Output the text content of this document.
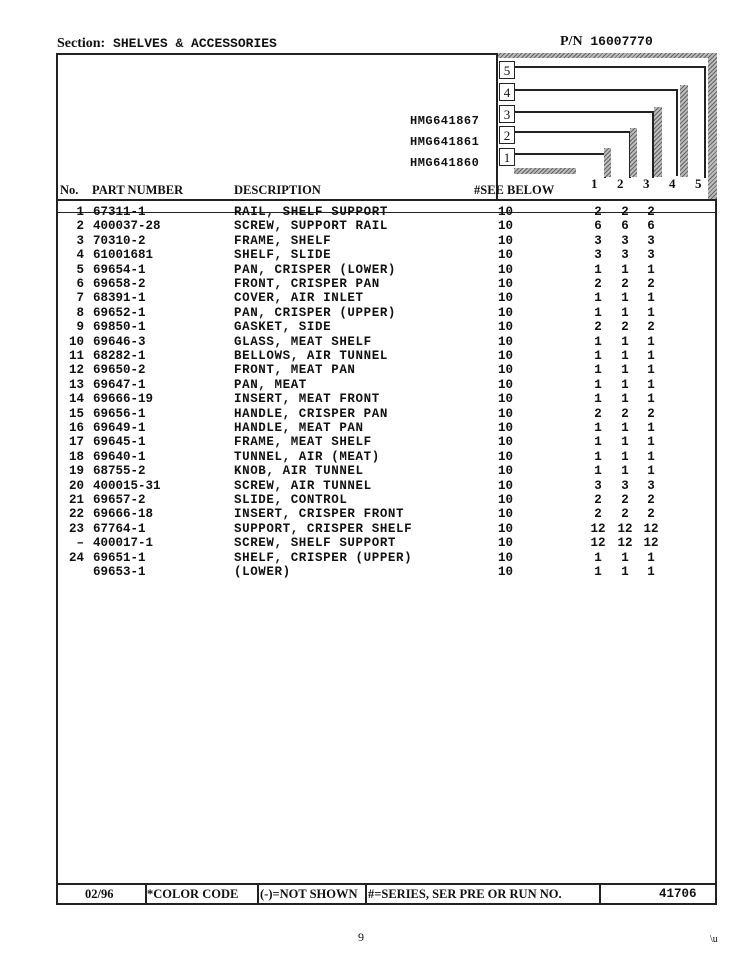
Section: SHELVES & ACCESSORIES	P/N 16007770
5
4
3
2
1
HMG641867
HMG641861
HMG641860
No. PART NUMBER	DESCRIPTION	#SEE BELOW	1 2 3 4 5
1 67311-1	RAIL, SHELF SUPPORT	10	2	2	2
2 400037-28	SCREW, SUPPORT RAIL	10	6	6	6
3 70310-2	FRAME, SHELF	10	3	3	3
4 61001681	SHELF, SLIDE	10	3	3	3
5 69654-1	PAN, CRISPER (LOWER)	10	1	1	1
6 69658-2	FRONT, CRISPER PAN	10	2	2	2
7 68391-1	COVER, AIR INLET	10	1	1	1
8 69652-1	PAN, CRISPER (UPPER)	10	1	1	1
9 69850-1	GASKET, SIDE	10	2	2	2
10 69646-3	GLASS, MEAT SHELF	10	1	1	1
11 68282-1	BELLOWS, AIR TUNNEL	10	1	1	1
12 69650-2	FRONT, MEAT PAN	10	1	1	1
13 69647-1	PAN, MEAT	10	1	1	1
14 69666-19	INSERT, MEAT FRONT	10	1	1	1
15 69656-1	HANDLE, CRISPER PAN	10	2	2	2
16 69649-1	HANDLE, MEAT PAN	10	1	1	1
17 69645-1	FRAME, MEAT SHELF	10	1	1	1
18 69640-1	TUNNEL, AIR (MEAT)	10	1	1	1
19 68755-2	KNOB, AIR TUNNEL	10	1	1	1
20 400015-31	SCREW, AIR TUNNEL	10	3	3	3
21 69657-2	SLIDE, CONTROL	10	2	2	2
22 69666-18	INSERT, CRISPER FRONT	10	2	2	2
23 67764-1	SUPPORT, CRISPER SHELF	10	12 12 12
– 400017-1	SCREW, SHELF SUPPORT	10	12 12 12
24 69651-1	SHELF, CRISPER (UPPER)	10	1	1	1
69653-1	(LOWER)	10	1	1	1
02/96	*COLOR CODE (-)=NOT SHOWN #=SERIES, SER PRE OR RUN NO.	41706
9	\u
